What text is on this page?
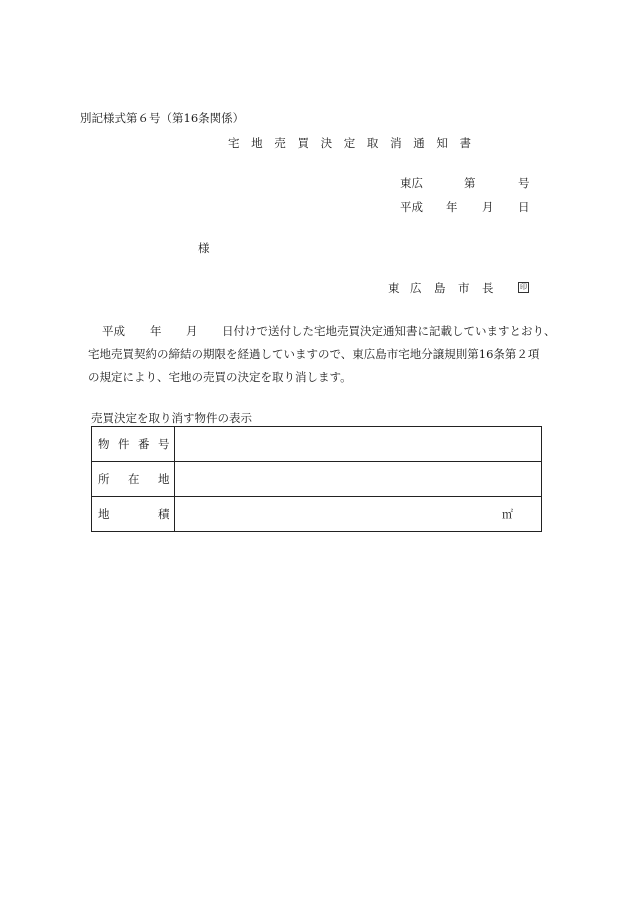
別記様式第６号（第16条関係）
宅 地 売 買 決 定 取 消 通 知 書
東広	第	号
平成 年 月 日
様
東 広 島 市 長	印
平成 年 月 日付けで送付した宅地売買決定通知書に記載していますとおり、
宅地売買契約の締結の期限を経過していますので、東広島市宅地分譲規則第16条第２項
の規定により、宅地の売買の決定を取り消します。
売買決定を取り消す物件の表示
物 件 番 号	

所 在 地	

地 積	㎡
